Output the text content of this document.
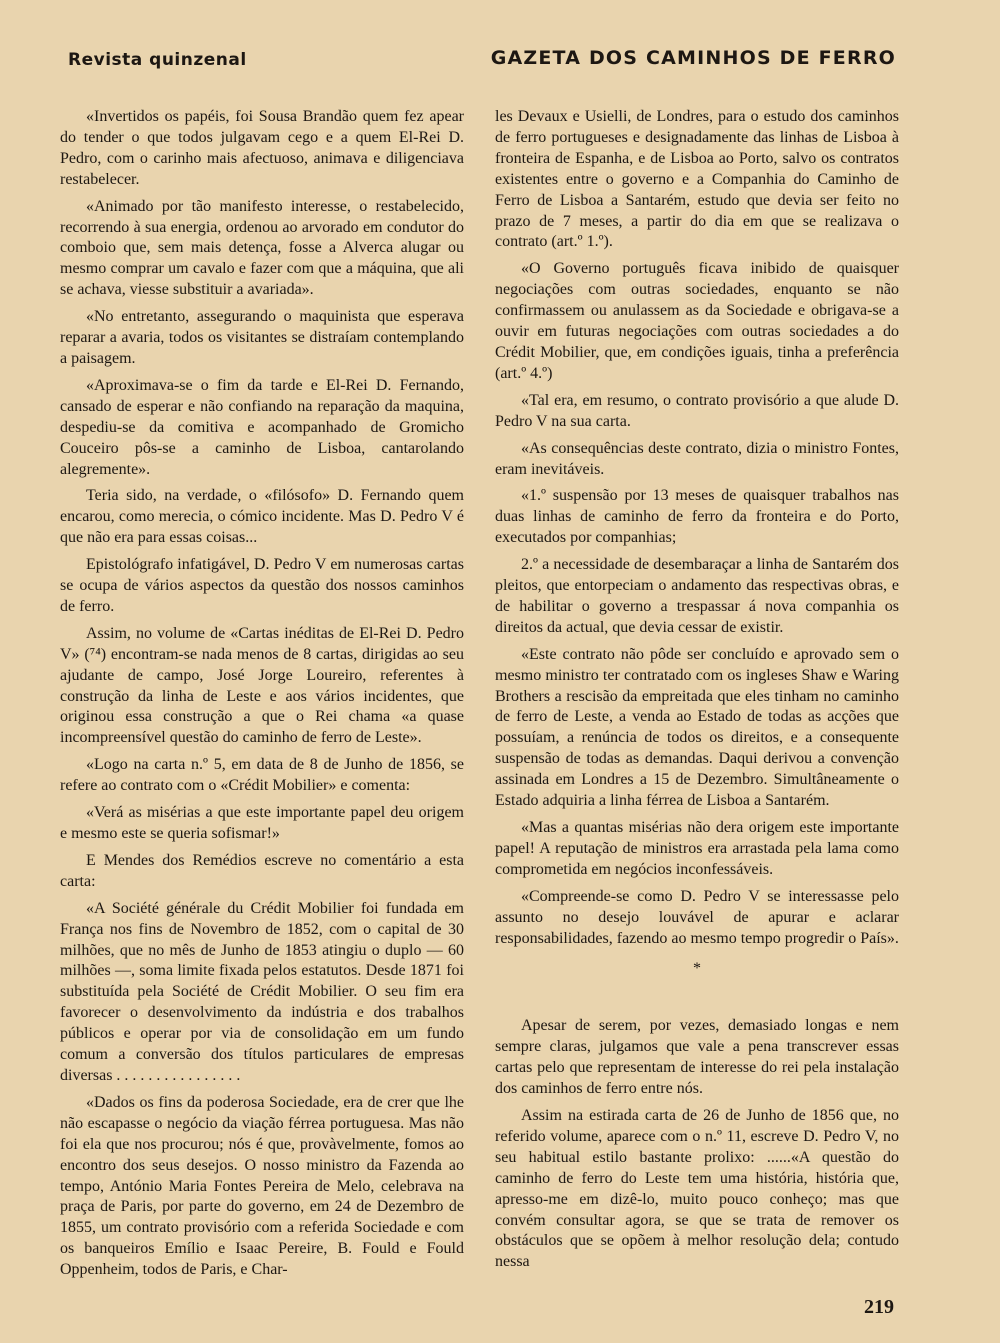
Revista quinzenal	GAZETA DOS CAMINHOS DE FERRO

«Invertidos os papéis, foi Sousa Brandão quem fez apear do tender o que todos julgavam cego e a quem El-Rei D. Pedro, com o carinho mais afectuoso, animava e diligenciava restabelecer.

«Animado por tão manifesto interesse, o restabelecido, recorrendo à sua energia, ordenou ao arvorado em condutor do comboio que, sem mais detença, fosse a Alverca alugar ou mesmo comprar um cavalo e fazer com que a máquina, que ali se achava, viesse substituir a avariada».

«No entretanto, assegurando o maquinista que esperava reparar a avaria, todos os visitantes se distraíam contemplando a paisagem.

«Aproximava-se o fim da tarde e El-Rei D. Fernando, cansado de esperar e não confiando na reparação da maquina, despediu-se da comitiva e acompanhado de Gromicho Couceiro pôs-se a caminho de Lisboa, cantarolando alegremente».

Teria sido, na verdade, o «filósofo» D. Fernando quem encarou, como merecia, o cómico incidente. Mas D. Pedro V é que não era para essas coisas...

Epistológrafo infatigável, D. Pedro V em numerosas cartas se ocupa de vários aspectos da questão dos nossos caminhos de ferro.

Assim, no volume de «Cartas inéditas de El-Rei D. Pedro V» (⁷⁴) encontram-se nada menos de 8 cartas, dirigidas ao seu ajudante de campo, José Jorge Loureiro, referentes à construção da linha de Leste e aos vários incidentes, que originou essa construção a que o Rei chama «a quase incompreensível questão do caminho de ferro de Leste».

«Logo na carta n.º 5, em data de 8 de Junho de 1856, se refere ao contrato com o «Crédit Mobilier» e comenta:

«Verá as misérias a que este importante papel deu origem e mesmo este se queria sofismar!»

E Mendes dos Remédios escreve no comentário a esta carta:

«A Société générale du Crédit Mobilier foi fundada em França nos fins de Novembro de 1852, com o capital de 30 milhões, que no mês de Junho de 1853 atingiu o duplo — 60 milhões —, soma limite fixada pelos estatutos. Desde 1871 foi substituída pela Société de Crédit Mobilier. O seu fim era favorecer o desenvolvimento da indústria e dos trabalhos públicos e operar por via de consolidação em um fundo comum a conversão dos títulos particulares de empresas diversas . . . . . . . . . . . . . . . .

«Dados os fins da poderosa Sociedade, era de crer que lhe não escapasse o negócio da viação férrea portuguesa. Mas não foi ela que nos procurou; nós é que, provàvelmente, fomos ao encontro dos seus desejos. O nosso ministro da Fazenda ao tempo, António Maria Fontes Pereira de Melo, celebrava na praça de Paris, por parte do governo, em 24 de Dezembro de 1855, um contrato provisório com a referida Sociedade e com os banqueiros Emílio e Isaac Pereire, B. Fould e Fould Oppenheim, todos de Paris, e Char-

les Devaux e Usielli, de Londres, para o estudo dos caminhos de ferro portugueses e designadamente das linhas de Lisboa à fronteira de Espanha, e de Lisboa ao Porto, salvo os contratos existentes entre o governo e a Companhia do Caminho de Ferro de Lisboa a Santarém, estudo que devia ser feito no prazo de 7 meses, a partir do dia em que se realizava o contrato (art.º 1.º).

«O Governo português ficava inibido de quaisquer negociações com outras sociedades, enquanto se não confirmassem ou anulassem as da Sociedade e obrigava-se a ouvir em futuras negociações com outras sociedades a do Crédit Mobilier, que, em condições iguais, tinha a preferência (art.º 4.º)

«Tal era, em resumo, o contrato provisório a que alude D. Pedro V na sua carta.

«As consequências deste contrato, dizia o ministro Fontes, eram inevitáveis.

«1.º suspensão por 13 meses de quaisquer trabalhos nas duas linhas de caminho de ferro da fronteira e do Porto, executados por companhias;

2.º a necessidade de desembaraçar a linha de Santarém dos pleitos, que entorpeciam o andamento das respectivas obras, e de habilitar o governo a trespassar á nova companhia os direitos da actual, que devia cessar de existir.

«Este contrato não pôde ser concluído e aprovado sem o mesmo ministro ter contratado com os ingleses Shaw e Waring Brothers a rescisão da empreitada que eles tinham no caminho de ferro de Leste, a venda ao Estado de todas as acções que possuíam, a renúncia de todos os direitos, e a consequente suspensão de todas as demandas. Daqui derivou a convenção assinada em Londres a 15 de Dezembro. Simultâneamente o Estado adquiria a linha férrea de Lisboa a Santarém.

«Mas a quantas misérias não dera origem este importante papel! A reputação de ministros era arrastada pela lama como comprometida em negócios inconfessáveis.

«Compreende-se como D. Pedro V se interessasse pelo assunto no desejo louvável de apurar e aclarar responsabilidades, fazendo ao mesmo tempo progredir o País».

*

Apesar de serem, por vezes, demasiado longas e nem sempre claras, julgamos que vale a pena transcrever essas cartas pelo que representam de interesse do rei pela instalação dos caminhos de ferro entre nós.

Assim na estirada carta de 26 de Junho de 1856 que, no referido volume, aparece com o n.º 11, escreve D. Pedro V, no seu habitual estilo bastante prolixo: ......«A questão do caminho de ferro do Leste tem uma história, história que, apresso-me em dizê-lo, muito pouco conheço; mas que convém consultar agora, se que se trata de remover os obstáculos que se opõem à melhor resolução dela; contudo nessa

219
